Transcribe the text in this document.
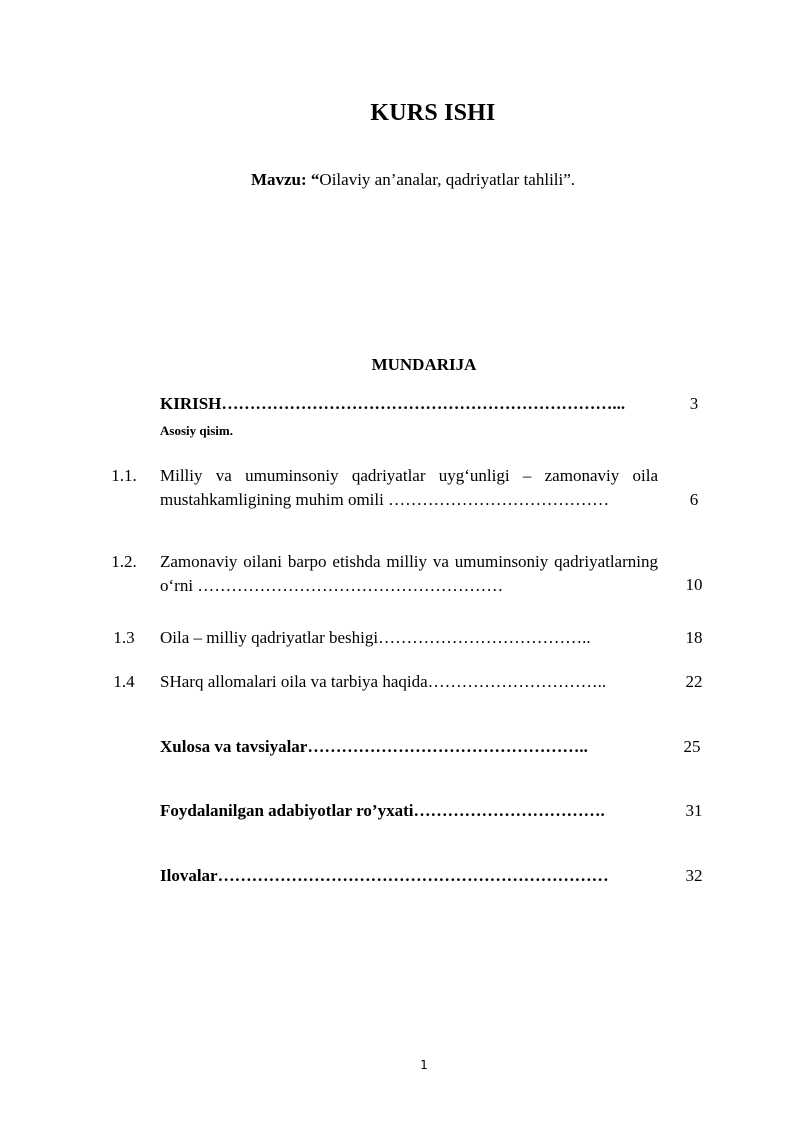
KURS ISHI
Mavzu: “Oilaviy an’analar, qadriyatlar tahlili”.
MUNDARIJA
KIRISH……………………………………………………………...	3
Asosiy qisim.
1.1.	Milliy va umuminsoniy qadriyatlar uyg‘unligi – zamonaviy oila mustahkamligining muhim omili …………………………………	6
1.2.	Zamonaviy oilani barpo etishda milliy va umuminsoniy qadriyatlarning o‘rni ………………………………………………	10
1.3	Oila – milliy qadriyatlar beshigi………………………………..	18
1.4	SHarq allomalari oila va tarbiya haqida…………………………..	22
Xulosa va tavsiyalar…………………………………………..	25
Foydalanilgan adabiyotlar ro’yxati…………………………….	31
Ilovalar……………………………………………………………	32
1
